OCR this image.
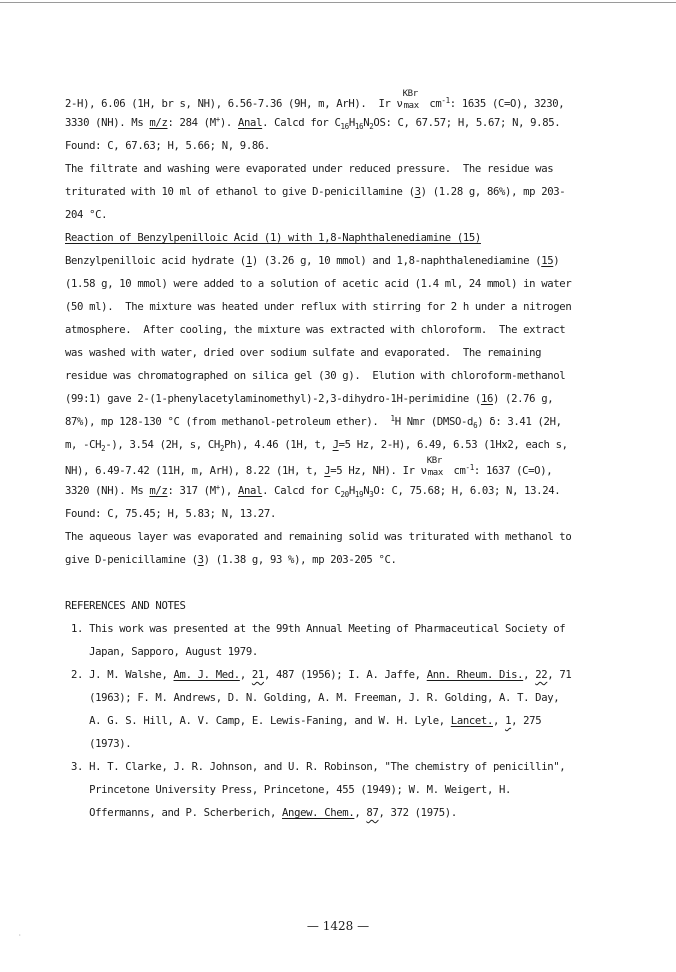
2-H), 6.06 (1H, br s, NH), 6.56-7.36 (9H, m, ArH).  Ir ν
KBr
$\max cm^{-1}$: 1635 (C=O), 3230,
3330 (NH). Ms m/z: 284 (M+). Anal. Calcd for $C_{16}H_{16}N_2OS$: C, 67.57; H, 5.67; N, 9.85.
Found: C, 67.63; H, 5.66; N, 9.86.
The filtrate and washing were evaporated under reduced pressure.  The residue was
triturated with 10 ml of ethanol to give D-penicillamine (3) (1.28 g, 86%), mp 203-
204 °C.
Reaction of Benzylpenilloic Acid (1) with 1,8-Naphthalenediamine (15)
Benzylpenilloic acid hydrate (1) (3.26 g, 10 mmol) and 1,8-naphthalenediamine (15)
(1.58 g, 10 mmol) were added to a solution of acetic acid (1.4 ml, 24 mmol) in water
(50 ml).  The mixture was heated under reflux with stirring for 2 h under a nitrogen
atmosphere.  After cooling, the mixture was extracted with chloroform.  The extract
was washed with water, dried over sodium sulfate and evaporated.  The remaining
residue was chromatographed on silica gel (30 g).  Elution with chloroform-methanol
(99:1) gave 2-(1-phenylacetylaminomethyl)-2,3-dihydro-1H-perimidine (16) (2.76 g,
87%), mp 128-130 °C (from methanol-petroleum ether).  $^1$H Nmr $(DMSO-d_6)$ δ: 3.41 (2H,
m, $-CH_2-$), 3.54 (2H, s, $CH_2Ph$), 4.46 (1H, t, J=5 Hz, 2-H), 6.49, 6.53 (1Hx2, each s,
NH), 6.49-7.42 (11H, m, ArH), 8.22 (1H, t, J=5 Hz, NH). Ir ν
KBr
$\max cm^{-1}$: 1637 (C=O),
3320 (NH). Ms m/z: 317 (M+), Anal. Calcd for $C_{20}H_{19}N_3O$: C, 75.68; H, 6.03; N, 13.24.
Found: C, 75.45; H, 5.83; N, 13.27.
The aqueous layer was evaporated and remaining solid was triturated with methanol to
give D-penicillamine (3) (1.38 g, 93 %), mp 203-205 °C.
REFERENCES AND NOTES
1. This work was presented at the 99th Annual Meeting of Pharmaceutical Society of
Japan, Sapporo, August 1979.
2. J. M. Walshe, Am. J. Med., 21, 487 (1956); I. A. Jaffe, Ann. Rheum. Dis., 22, 71
(1963); F. M. Andrews, D. N. Golding, A. M. Freeman, J. R. Golding, A. T. Day,
A. G. S. Hill, A. V. Camp, E. Lewis-Faning, and W. H. Lyle, Lancet., 1, 275
(1973).
3. H. T. Clarke, J. R. Johnson, and U. R. Robinson, "The chemistry of penicillin",
Princetone University Press, Princetone, 455 (1949); W. M. Weigert, H.
Offermanns, and P. Scherberich, Angew. Chem., 87, 372 (1975).
— 1428 —
·
